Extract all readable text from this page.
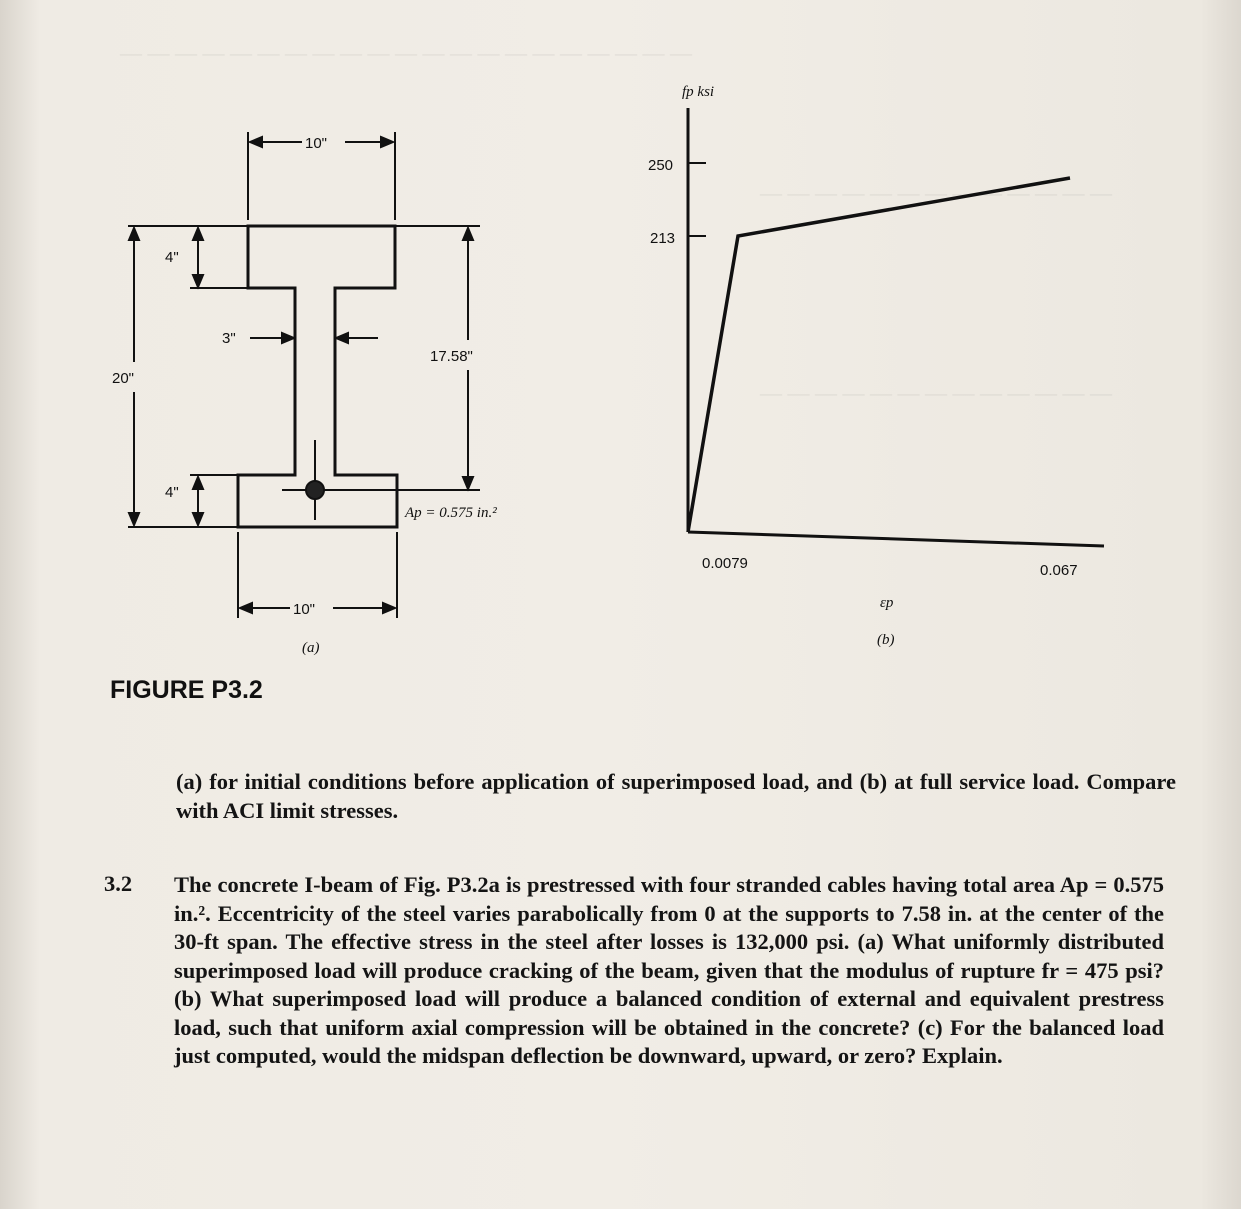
— — — — — — — — — — — — — — — — — — — — —
— — — — — — — — — — — — —
— — — — — — — — — — — — —
10"
4"
3"
20"
17.58"
4"
Ap = 0.575 in.²
10"
(a)
250
213
fp ksi
0.0079	0.067
εp
(b)
FIGURE P3.2
(a) for initial conditions before application of superimposed load, and (b) at full service load. Compare with ACI limit stresses.
3.2 The concrete I-beam of Fig. P3.2a is prestressed with four stranded cables having total area Ap = 0.575 in.². Eccentricity of the steel varies parabolically from 0 at the supports to 7.58 in. at the center of the 30-ft span. The effective stress in the steel after losses is 132,000 psi. (a) What uniformly distributed superimposed load will produce cracking of the beam, given that the modulus of rupture fr = 475 psi? (b) What superimposed load will produce a balanced condition of external and equivalent prestress load, such that uniform axial compression will be obtained in the concrete? (c) For the balanced load just computed, would the midspan deflection be downward, upward, or zero? Explain.
